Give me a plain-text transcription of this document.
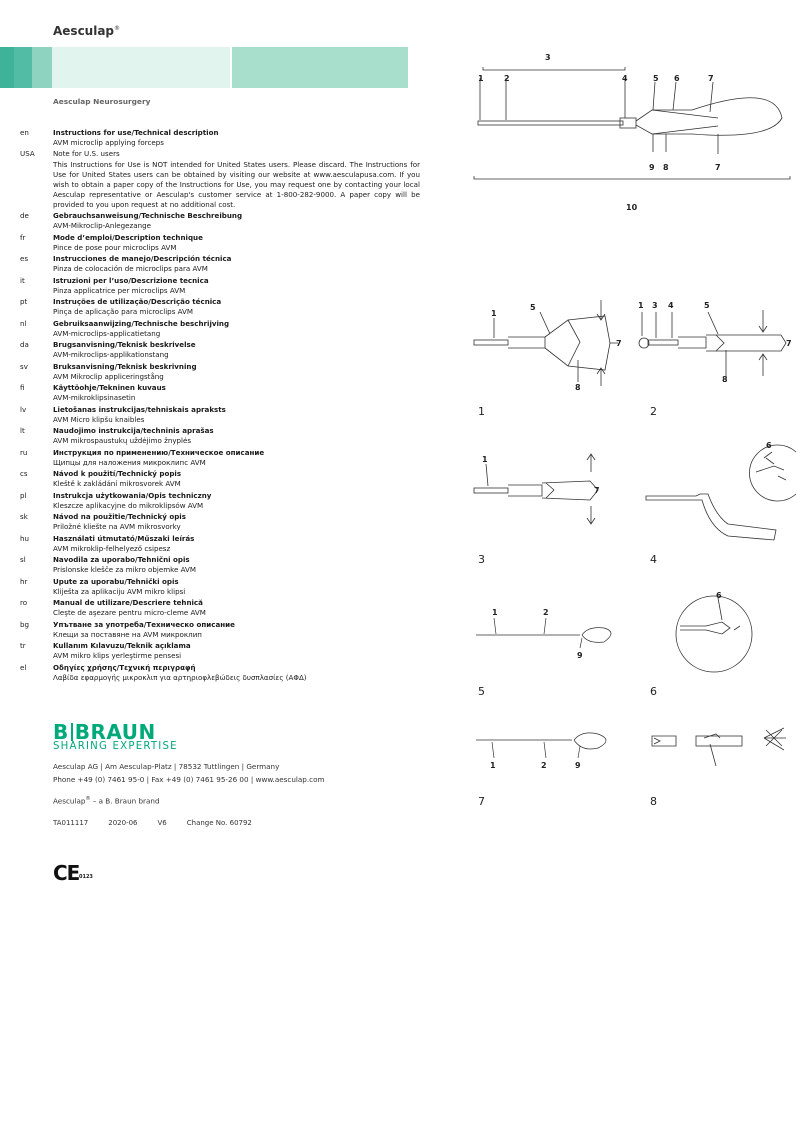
Aesculap®
Aesculap Neurosurgery
en	Instructions for use/Technical description
AVM microclip applying forceps
USA	Note for U.S. users

This Instructions for Use is NOT intended for United States users. Please discard. The Instructions for Use for United States users can be obtained by visiting our website at www.aesculapusa.com. If you wish to obtain a paper copy of the Instructions for Use, you may request one by contacting your local Aesculap representative or Aesculap's customer service at 1-800-282-9000. A paper copy will be provided to you upon request at no additional cost.

de	Gebrauchsanweisung/Technische Beschreibung
AVM-Mikroclip-Anlegezange
fr	Mode d’emploi/Description technique
Pince de pose pour microclips AVM
es	Instrucciones de manejo/Descripción técnica
Pinza de colocación de microclips para AVM
it	Istruzioni per l’uso/Descrizione tecnica
Pinza applicatrice per microclips AVM
pt	Instruções de utilização/Descrição técnica
Pinça de aplicação para microclips AVM
nl	Gebruiksaanwijzing/Technische beschrijving
AVM-microclips-applicatietang
da	Brugsanvisning/Teknisk beskrivelse
AVM-mikroclips-applikationstang
sv	Bruksanvisning/Teknisk beskrivning
AVM Mikroclip appliceringstång
fi	Käyttöohje/Tekninen kuvaus
AVM-mikroklipsinasetin
lv	Lietošanas instrukcijas/tehniskais apraksts
AVM Micro klipšu knaibles
lt	Naudojimo instrukcija/techninis aprašas
AVM mikrospaustukų uždėjimo žnyplės
ru	Инструкция по применению/Техническое описание
Щипцы для наложения микроклипс AVM
cs	Návod k použití/Technický popis
Kleště k zakládání mikrosvorek AVM
pl	Instrukcja użytkowania/Opis techniczny
Kleszcze aplikacyjne do mikroklipsów AVM
sk	Návod na použitie/Technický opis
Priložné kliešte na AVM mikrosvorky
hu	Használati útmutató/Műszaki leírás
AVM mikroklip-felhelyező csipesz
sl	Navodila za uporabo/Tehnični opis
Prislonske klešče za mikro objemke AVM
hr	Upute za uporabu/Tehnički opis
Kliješta za aplikaciju AVM mikro klipsi
ro	Manual de utilizare/Descriere tehnică
Cleşte de aşezare pentru micro-cleme AVM
bg	Упътване за употреба/Техническо описание
Клещи за поставяне на AVM микроклип
tr	Kullanım Kılavuzu/Teknik açıklama
AVM mikro klips yerleştirme pensesi
el	Οδηγίες χρήσης/Τεχνική περιγραφή
Λαβίδα εφαρμογής μικροκλιπ για αρτηριοφλεβώδεις δυσπλασίες (ΑΦΔ)
B BRAUN
SHARING EXPERTISE
Aesculap AG | Am Aesculap-Platz | 78532 Tuttlingen | Germany
Phone +49 (0) 7461 95-0 | Fax +49 (0) 7461 95-26 00 | www.aesculap.com
Aesculap® – a B. Braun brand
TA011117	2020-06	V6	Change No. 60792
CE 0123
3
1	2	4	5 6	7
9 8	7
10
5
1
7
8
1
1 3 4	5
7
8
2
1
7
3
6
4
1	2
9
5
6
6
1	2	9
7	8
